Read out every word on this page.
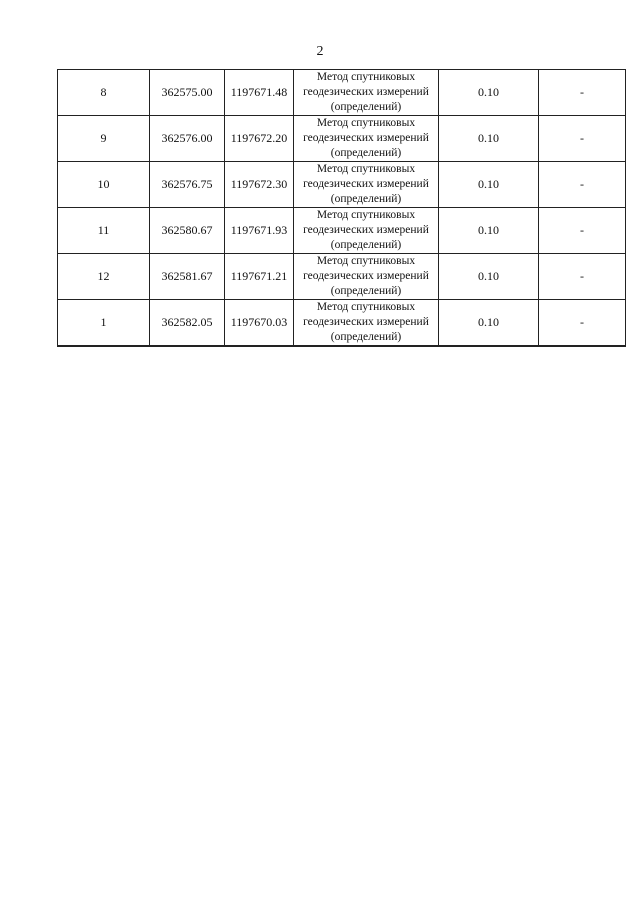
2
8	362575.00	1197671.48	Метод спутниковых
геодезических измерений
(определений)	0.10	-
9	362576.00	1197672.20	Метод спутниковых
геодезических измерений
(определений)	0.10	-
10	362576.75	1197672.30	Метод спутниковых
геодезических измерений
(определений)	0.10	-
11	362580.67	1197671.93	Метод спутниковых
геодезических измерений
(определений)	0.10	-
12	362581.67	1197671.21	Метод спутниковых
геодезических измерений
(определений)	0.10	-
1	362582.05	1197670.03	Метод спутниковых
геодезических измерений
(определений)	0.10	-
